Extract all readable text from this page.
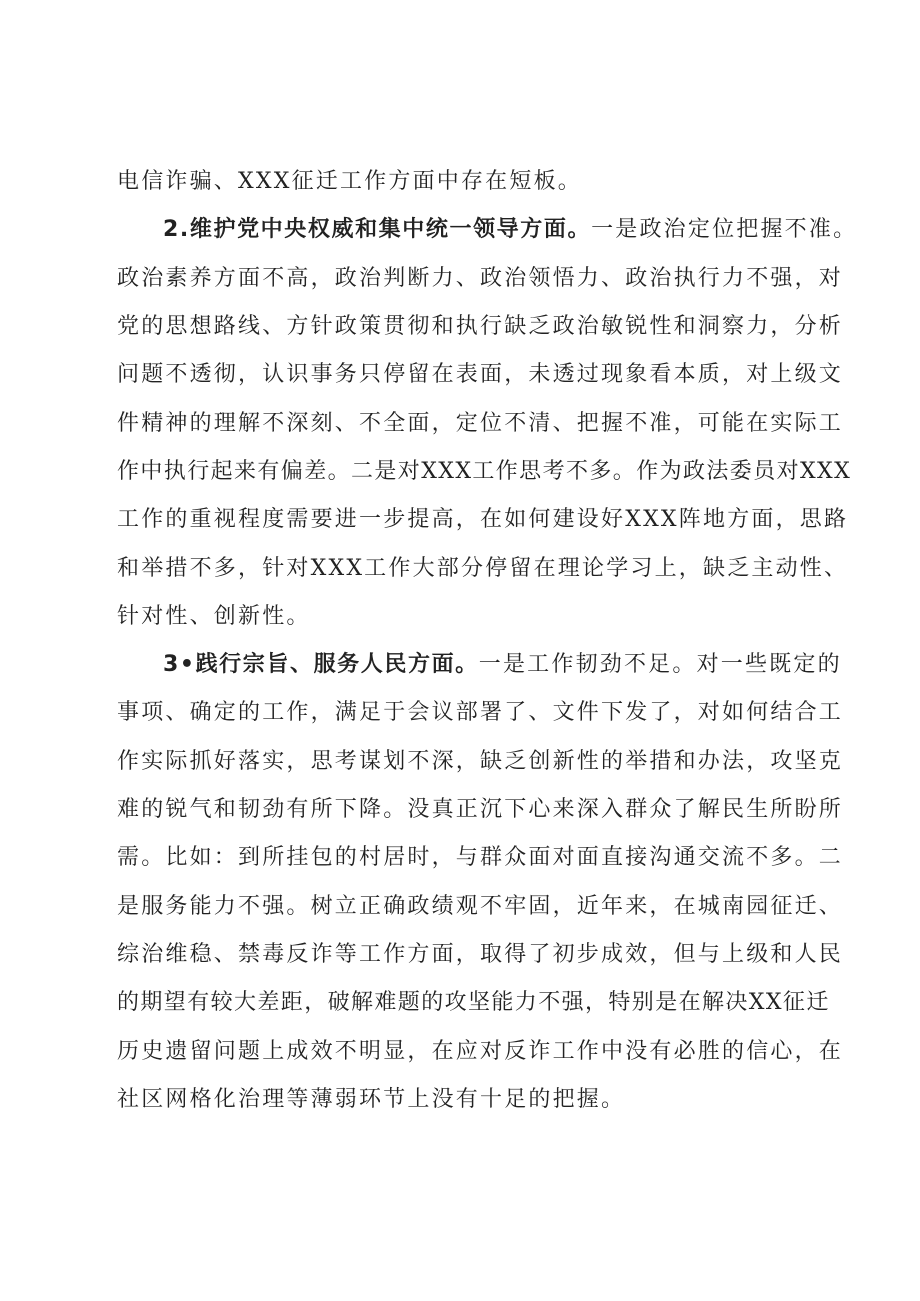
电信诈骗、XXX征迁工作方面中存在短板。
2.维护党中央权威和集中统一领导方面。一是政治定位把握不准。
政治素养方面不高，政治判断力、政治领悟力、政治执行力不强，对
党的思想路线、方针政策贯彻和执行缺乏政治敏锐性和洞察力，分析
问题不透彻，认识事务只停留在表面，未透过现象看本质，对上级文
件精神的理解不深刻、不全面，定位不清、把握不准，可能在实际工
作中执行起来有偏差。二是对XXX工作思考不多。作为政法委员对XXX
工作的重视程度需要进一步提高，在如何建设好XXX阵地方面，思路
和举措不多，针对XXX工作大部分停留在理论学习上，缺乏主动性、
针对性、创新性。
3•践行宗旨、服务人民方面。一是工作韧劲不足。对一些既定的
事项、确定的工作，满足于会议部署了、文件下发了，对如何结合工
作实际抓好落实，思考谋划不深，缺乏创新性的举措和办法，攻坚克
难的锐气和韧劲有所下降。没真正沉下心来深入群众了解民生所盼所
需。比如：到所挂包的村居时，与群众面对面直接沟通交流不多。二
是服务能力不强。树立正确政绩观不牢固，近年来，在城南园征迁、
综治维稳、禁毒反诈等工作方面，取得了初步成效，但与上级和人民
的期望有较大差距，破解难题的攻坚能力不强，特别是在解决XX征迁
历史遗留问题上成效不明显，在应对反诈工作中没有必胜的信心，在
社区网格化治理等薄弱环节上没有十足的把握。
